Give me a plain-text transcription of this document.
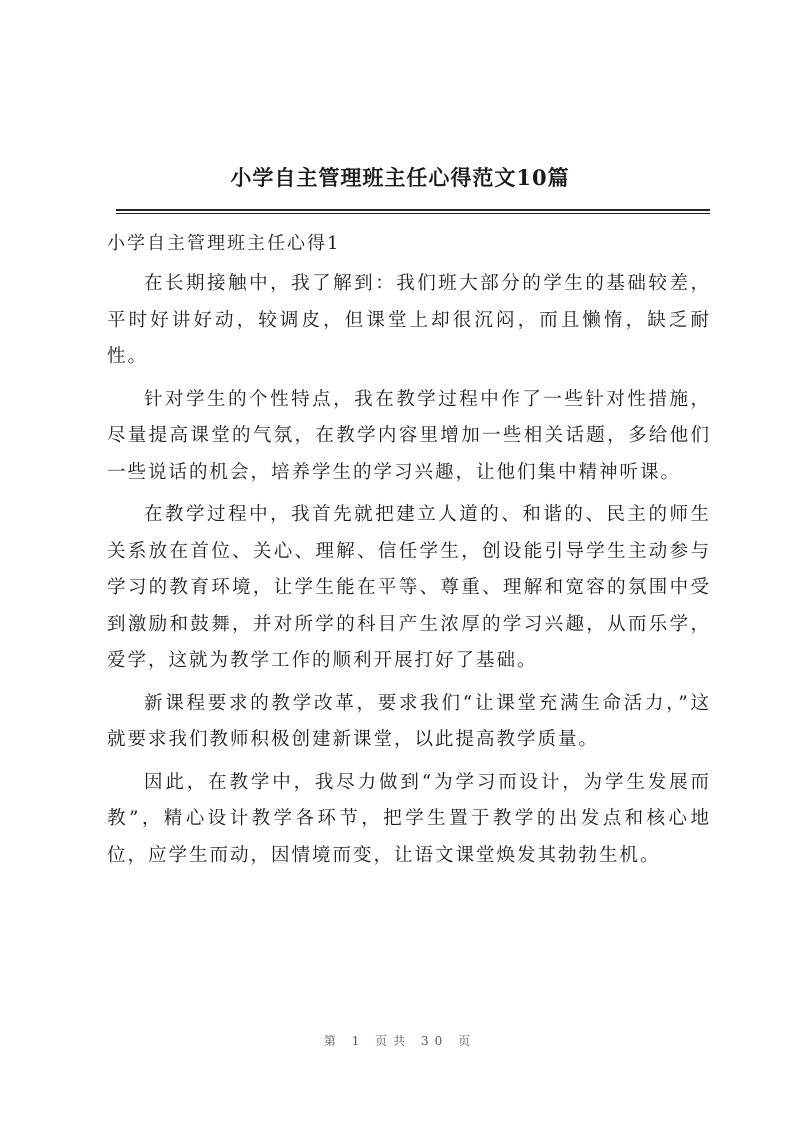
小学自主管理班主任心得范文10篇

小学自主管理班主任心得1

在长期接触中，我了解到：我们班大部分的学生的基础较差，平时好讲好动，较调皮，但课堂上却很沉闷，而且懒惰，缺乏耐性。

针对学生的个性特点，我在教学过程中作了一些针对性措施，尽量提高课堂的气氛，在教学内容里增加一些相关话题，多给他们一些说话的机会，培养学生的学习兴趣，让他们集中精神听课。

在教学过程中，我首先就把建立人道的、和谐的、民主的师生关系放在首位、关心、理解、信任学生，创设能引导学生主动参与学习的教育环境，让学生能在平等、尊重、理解和宽容的氛围中受到激励和鼓舞，并对所学的科目产生浓厚的学习兴趣，从而乐学，爱学，这就为教学工作的顺利开展打好了基础。

新课程要求的教学改革，要求我们“让课堂充满生命活力，”这就要求我们教师积极创建新课堂，以此提高教学质量。

因此，在教学中，我尽力做到“为学习而设计，为学生发展而教”，精心设计教学各环节，把学生置于教学的出发点和核心地位，应学生而动，因情境而变，让语文课堂焕发其勃勃生机。

第 1 页共 30 页
